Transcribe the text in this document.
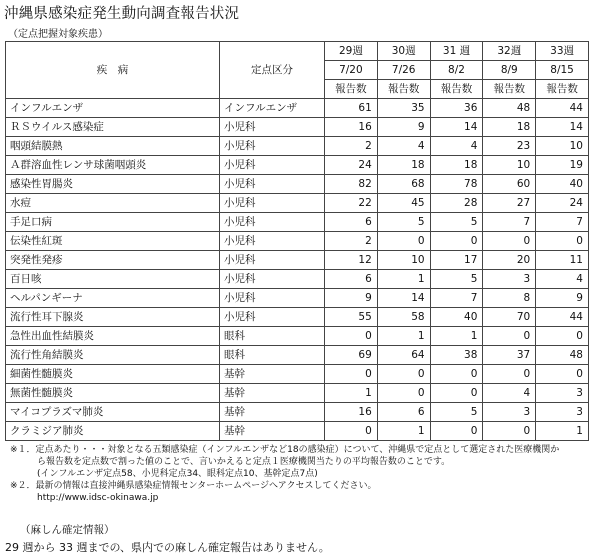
沖縄県感染症発生動向調査報告状況
（定点把握対象疾患）
疾　病	定点区分	29週	30週	31 週	32週	33週
		7/20	7/26	8/2	8/9	8/15
		報告数	報告数	報告数	報告数	報告数
インフルエンザ	インフルエンザ	61	35	36	48	44
ＲＳウイルス感染症	小児科	16	9	14	18	14
咽頭結膜熱	小児科	2	4	4	23	10
Ａ群溶血性レンサ球菌咽頭炎	小児科	24	18	18	10	19
感染性胃腸炎	小児科	82	68	78	60	40
水痘	小児科	22	45	28	27	24
手足口病	小児科	6	5	5	7	7
伝染性紅斑	小児科	2	0	0	0	0
突発性発疹	小児科	12	10	17	20	11
百日咳	小児科	6	1	5	3	4
ヘルパンギーナ	小児科	9	14	7	8	9
流行性耳下腺炎	小児科	55	58	40	70	44
急性出血性結膜炎	眼科	0	1	1	0	0
流行性角結膜炎	眼科	69	64	38	37	48
細菌性髄膜炎	基幹	0	0	0	0	0
無菌性髄膜炎	基幹	1	0	0	4	3
マイコプラズマ肺炎	基幹	16	6	5	3	3
クラミジア肺炎	基幹	0	1	0	0	1

※１．定点あたり・・・対象となる五類感染症（インフルエンザなど18の感染症）について、沖縄県で定点として選定された医療機関か

　　　ら報告数を定点数で割った値のことで、言いかえると定点１医療機関当たりの平均報告数のことです。

　　　(インフルエンザ定点58、小児科定点34、眼科定点10、基幹定点7点)

※２．最新の情報は直接沖縄県感染症情報センターホームページへアクセスしてください。

　　　http://www.idsc-okinawa.jp

（麻しん確定情報）
29 週から 33 週までの、県内での麻しん確定報告はありません。
